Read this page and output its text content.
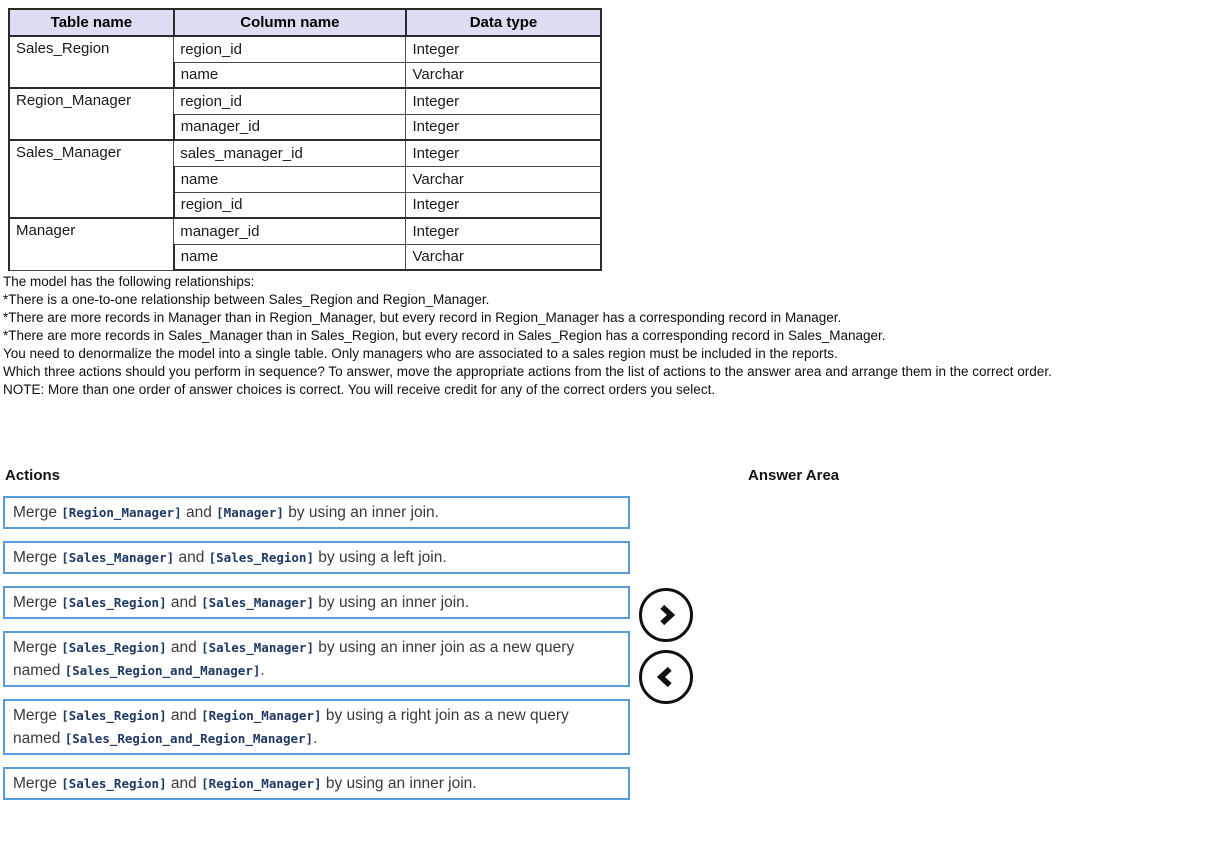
Table name	Column name	Data type
Sales_Region	region_id	Integer
	name	Varchar
Region_Manager	region_id	Integer
	manager_id	Integer
Sales_Manager	sales_manager_id	Integer
	name	Varchar
	region_id	Integer
Manager	manager_id	Integer
	name	Varchar
The model has the following relationships:
*There is a one-to-one relationship between Sales_Region and Region_Manager.
*There are more records in Manager than in Region_Manager, but every record in Region_Manager has a corresponding record in Manager.
*There are more records in Sales_Manager than in Sales_Region, but every record in Sales_Region has a corresponding record in Sales_Manager.
You need to denormalize the model into a single table. Only managers who are associated to a sales region must be included in the reports.
Which three actions should you perform in sequence? To answer, move the appropriate actions from the list of actions to the answer area and arrange them in the correct order.
NOTE: More than one order of answer choices is correct. You will receive credit for any of the correct orders you select.
Actions	Answer Area
Merge [Region_Manager] and [Manager] by using an inner join.
Merge [Sales_Manager] and [Sales_Region] by using a left join.
Merge [Sales_Region] and [Sales_Manager] by using an inner join.
Merge [Sales_Region] and [Sales_Manager] by using an inner join as a new query named [Sales_Region_and_Manager].
Merge [Sales_Region] and [Region_Manager] by using a right join as a new query named [Sales_Region_and_Region_Manager].
Merge [Sales_Region] and [Region_Manager] by using an inner join.
